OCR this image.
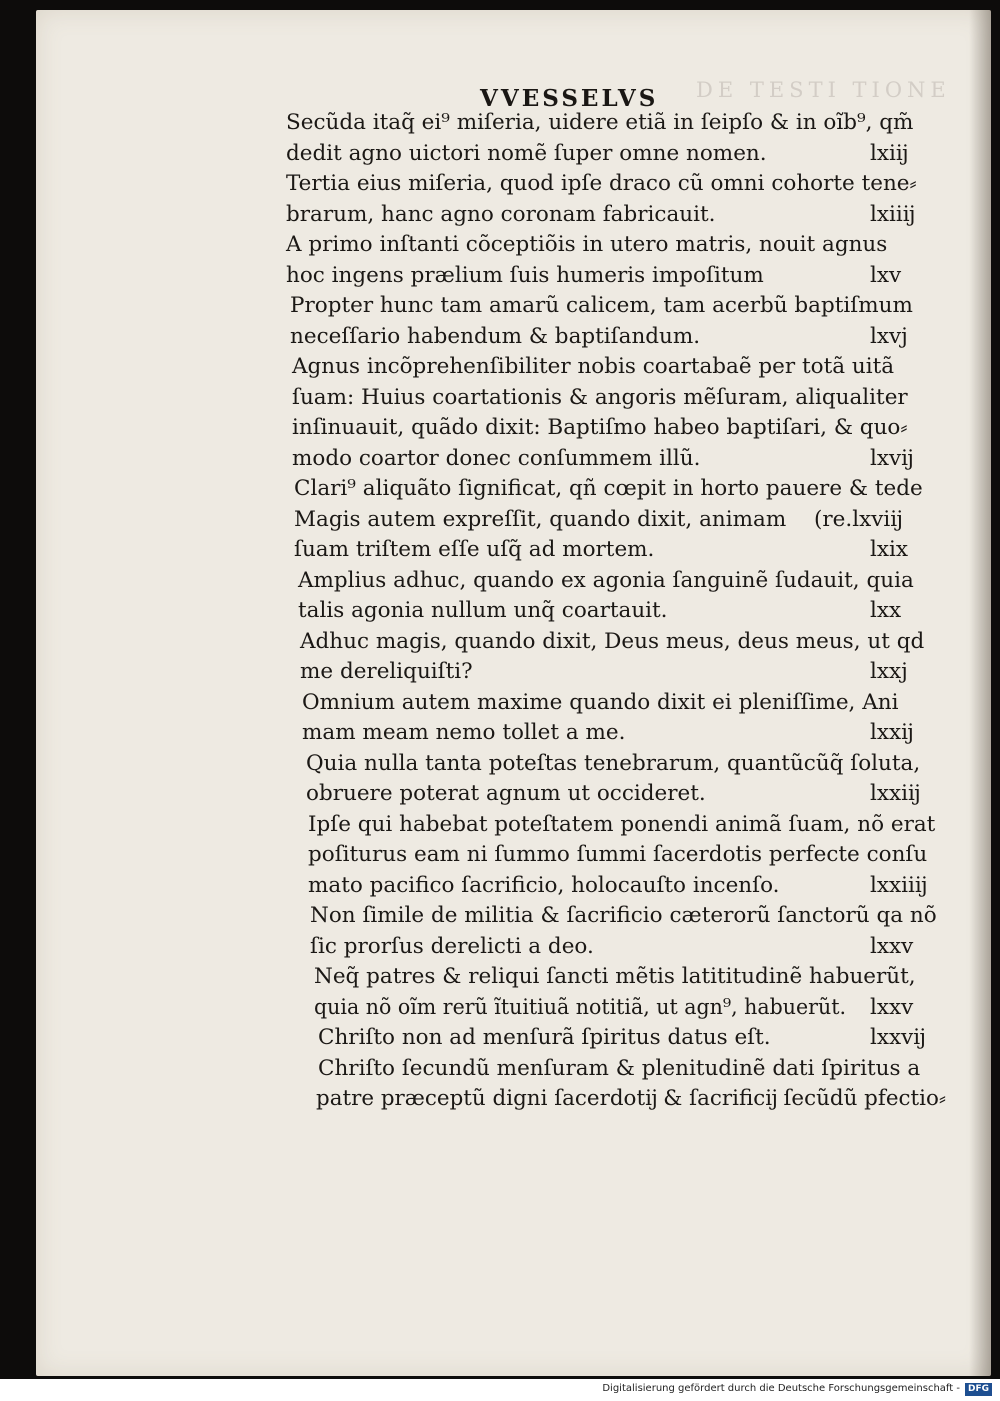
DE TESTI TIONE
VVESSELVS
Secũda itaq̃ ei⁹ miſeria, uidere etiã in ſeipſo & in oĩb⁹, qm̃
dedit agno uictori nomẽ ſuper omne nomen.	lxiĳ
Tertia eius miſeria, quod ipſe draco cũ omni cohorte tene⸗
brarum, hanc agno coronam fabricauit.	lxiiĳ
A primo inſtanti cõceptiõis in utero matris, nouit agnus
hoc ingens prælium ſuis humeris impoſitum	lxv
Propter hunc tam amarũ calicem, tam acerbũ baptiſmum
neceſſario habendum & baptiſandum.	lxvj
Agnus incõprehenſibiliter nobis coartabaẽ per totã uitã
ſuam: Huius coartationis & angoris mẽſuram, aliqualiter
inſinuauit, quãdo dixit: Baptiſmo habeo baptiſari, & quo⸗
modo coartor donec conſummem illũ.	lxvĳ
Clari⁹ aliquãto ſignificat, qñ cœpit in horto pauere & tede
Magis autem expreſſit, quando dixit, animam (re.lxviĳ
ſuam triſtem eſſe uſq̃ ad mortem.	lxix
Amplius adhuc, quando ex agonia ſanguinẽ ſudauit, quia
talis agonia nullum unq̃ coartauit.	lxx
Adhuc magis, quando dixit, Deus meus, deus meus, ut qd
me dereliquiſti?	lxxj
Omnium autem maxime quando dixit ei pleniſſime, Ani
mam meam nemo tollet a me.	lxxĳ
Quia nulla tanta poteſtas tenebrarum, quantũcũq̃ ſoluta,
obruere poterat agnum ut occideret.	lxxiĳ
Ipſe qui habebat poteſtatem ponendi animã ſuam, nõ erat
poſiturus eam ni ſummo ſummi ſacerdotis perfecte conſu
mato pacifico ſacrificio, holocauſto incenſo.	lxxiiĳ
Non ſimile de militia & ſacrificio cæterorũ ſanctorũ qa nõ
ſic prorſus derelicti a deo.	lxxv
Neq̃ patres & reliqui ſancti mẽtis latititudinẽ habuerũt,
quia nõ oĩm rerũ ĩtuitiuã notitiã, ut agn⁹, habuerũt. lxxv
Chriſto non ad menſurã ſpiritus datus eſt.	lxxvĳ
Chriſto ſecundũ menſuram & plenitudinẽ dati ſpiritus a
patre præceptũ digni ſacerdotĳ & ſacrificĳ ſecũdũ pfectio⸗
Digitalisierung gefördert durch die Deutsche Forschungsgemeinschaft - DFG
